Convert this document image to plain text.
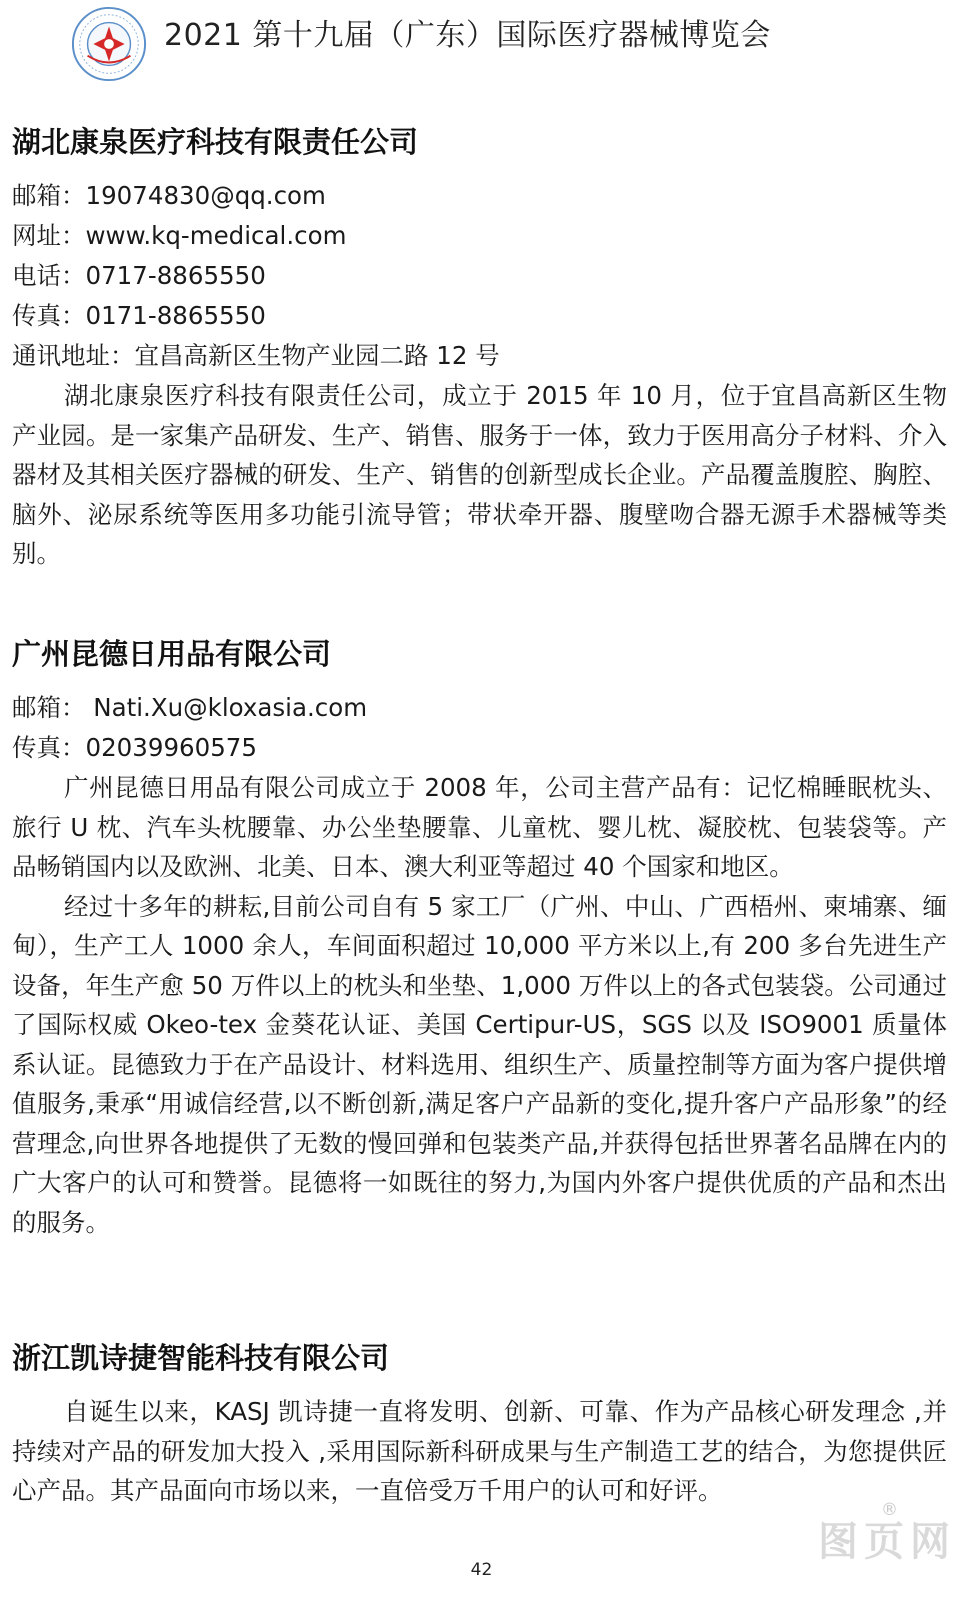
2021 第十九届（广东）国际医疗器械博览会
湖北康泉医疗科技有限责任公司

邮箱：19074830@qq.com

网址：www.kq-medical.com

电话：0717-8865550

传真：0171-8865550

通讯地址：宜昌高新区生物产业园二路 12 号

湖北康泉医疗科技有限责任公司，成立于 2015 年 10 月，位于宜昌高新区生物产业园。是一家集产品研发、生产、销售、服务于一体，致力于医用高分子材料、介入器材及其相关医疗器械的研发、生产、销售的创新型成长企业。产品覆盖腹腔、胸腔、脑外、泌尿系统等医用多功能引流导管；带状牵开器、腹壁吻合器无源手术器械等类别。

广州昆德日用品有限公司

邮箱： Nati.Xu@kloxasia.com

传真：02039960575

广州昆德日用品有限公司成立于 2008 年，公司主营产品有：记忆棉睡眠枕头、旅行 U 枕、汽车头枕腰靠、办公坐垫腰靠、儿童枕、婴儿枕、凝胶枕、包装袋等。产品畅销国内以及欧洲、北美、日本、澳大利亚等超过 40 个国家和地区。

经过十多年的耕耘,目前公司自有 5 家工厂（广州、中山、广西梧州、柬埔寨、缅甸），生产工人 1000 余人，车间面积超过 10,000 平方米以上,有 200 多台先进生产设备，年生产愈 50 万件以上的枕头和坐垫、1,000 万件以上的各式包装袋。公司通过了国际权威 Okeo-tex 金葵花认证、美国 Certipur-US，SGS 以及 ISO9001 质量体系认证。昆德致力于在产品设计、材料选用、组织生产、质量控制等方面为客户提供增值服务,秉承“用诚信经营,以不断创新,满足客户产品新的变化,提升客户产品形象”的经营理念,向世界各地提供了无数的慢回弹和包装类产品,并获得包括世界著名品牌在内的广大客户的认可和赞誉。昆德将一如既往的努力,为国内外客户提供优质的产品和杰出的服务。

浙江凯诗捷智能科技有限公司

自诞生以来，KASJ 凯诗捷一直将发明、创新、可靠、作为产品核心研发理念 ,并持续对产品的研发加大投入 ,采用国际新科研成果与生产制造工艺的结合，为您提供匠心产品。其产品面向市场以来，一直倍受万千用户的认可和好评。

图页网
®
42
